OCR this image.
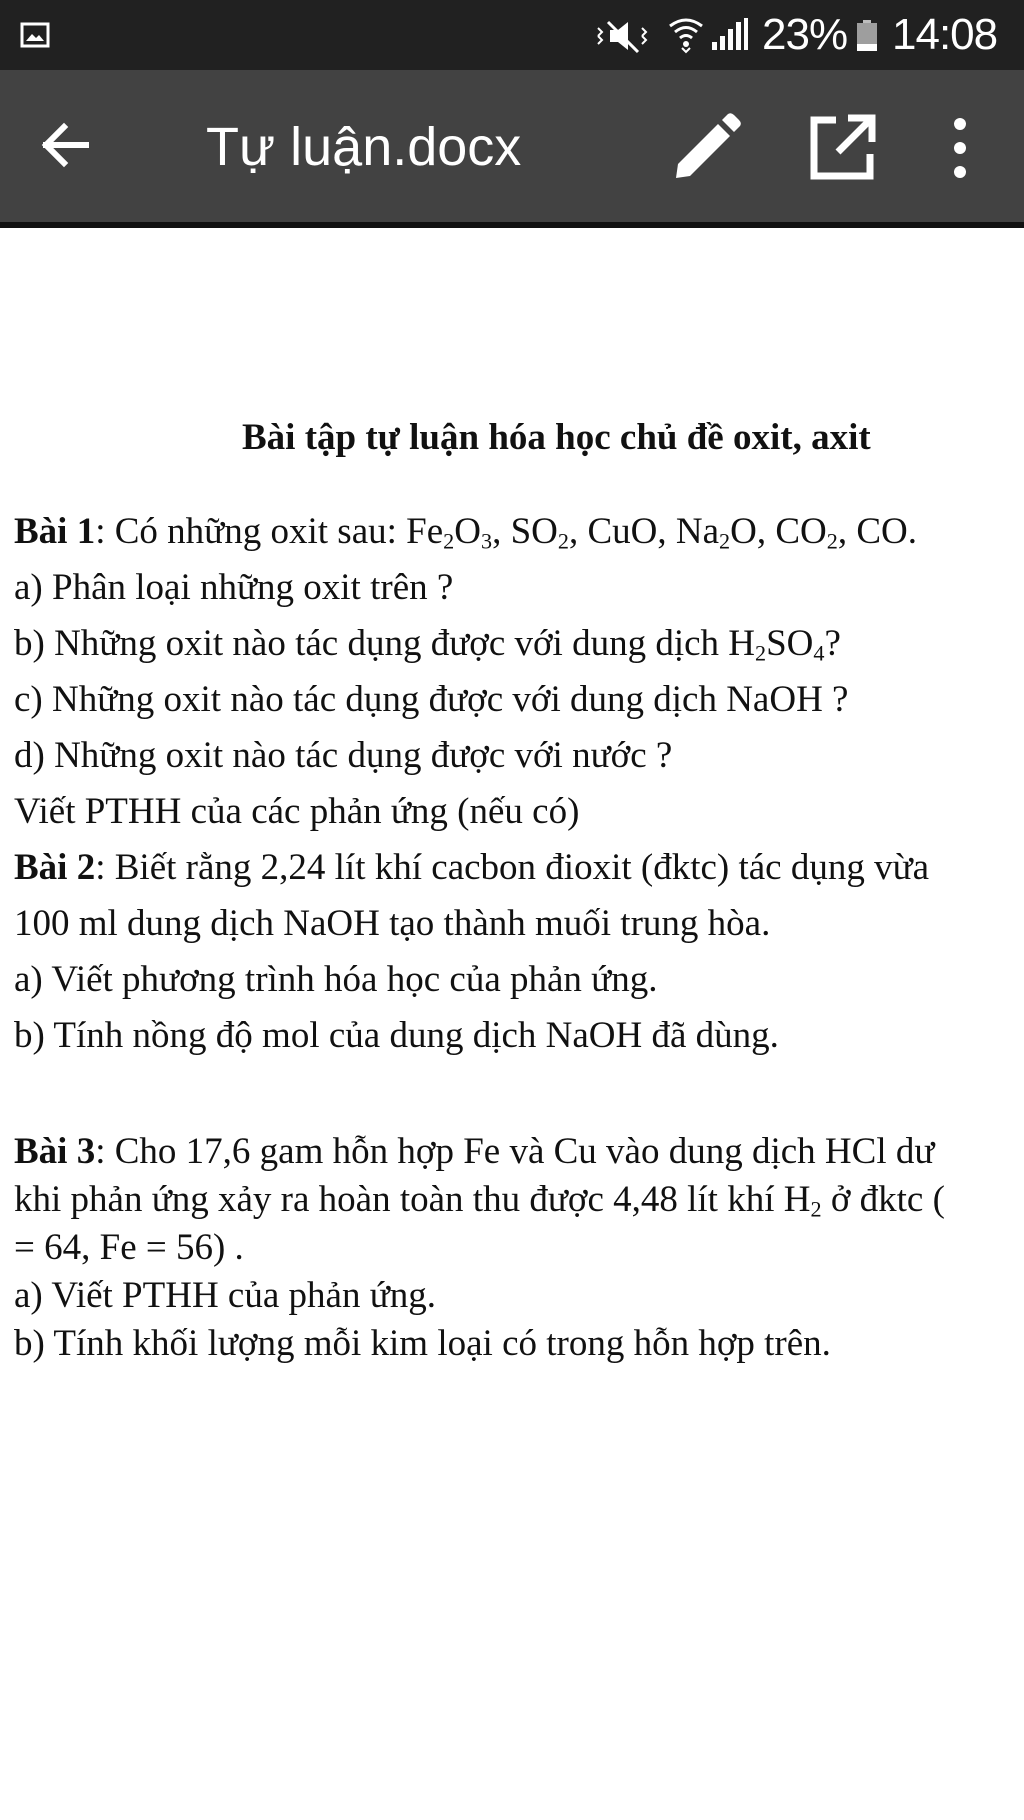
23% 14:08
Tự luận.docx
Bài tập tự luận hóa học chủ đề oxit, axit
Bài 1: Có những oxit sau: $Fe_2O_3$, $SO_2$, CuO, $Na_2O$, $CO_2$, CO.
a) Phân loại những oxit trên ?
b) Những oxit nào tác dụng được với dung dịch $H_2SO_4$?
c) Những oxit nào tác dụng được với dung dịch NaOH ?
d) Những oxit nào tác dụng được với nước ?
Viết PTHH của các phản ứng (nếu có)
Bài 2: Biết rằng 2,24 lít khí cacbon đioxit (đktc) tác dụng vừa
100 ml dung dịch NaOH tạo thành muối trung hòa.
a) Viết phương trình hóa học của phản ứng.
b) Tính nồng độ mol của dung dịch NaOH đã dùng.
Bài 3: Cho 17,6 gam hỗn hợp Fe và Cu vào dung dịch HCl dư
khi phản ứng xảy ra hoàn toàn thu được 4,48 lít khí $H_2$ ở đktc (
= 64, Fe = 56) .
a) Viết PTHH của phản ứng.
b) Tính khối lượng mỗi kim loại có trong hỗn hợp trên.
